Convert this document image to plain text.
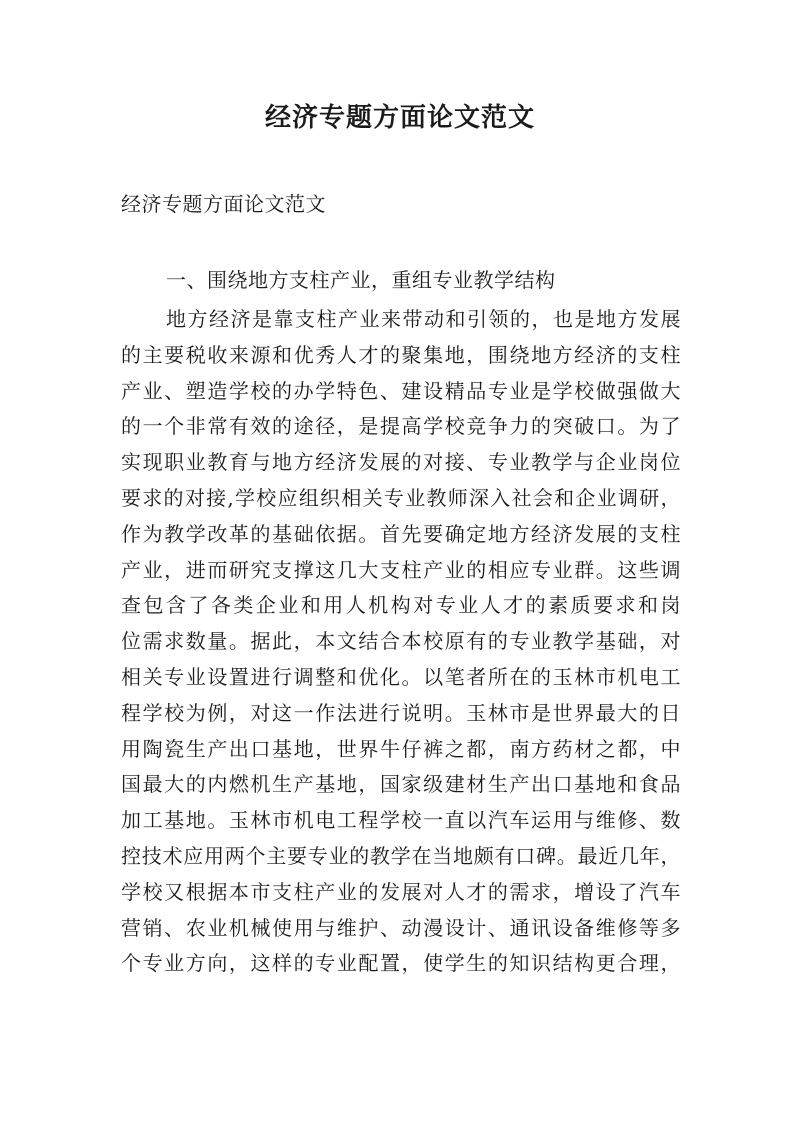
经济专题方面论文范文

经济专题方面论文范文

一、围绕地方支柱产业，重组专业教学结构

地方经济是靠支柱产业来带动和引领的，也是地方发展
的主要税收来源和优秀人才的聚集地，围绕地方经济的支柱
产业、塑造学校的办学特色、建设精品专业是学校做强做大
的一个非常有效的途径，是提高学校竞争力的突破口。为了
实现职业教育与地方经济发展的对接、专业教学与企业岗位
要求的对接,学校应组织相关专业教师深入社会和企业调研，
作为教学改革的基础依据。首先要确定地方经济发展的支柱
产业，进而研究支撑这几大支柱产业的相应专业群。这些调
查包含了各类企业和用人机构对专业人才的素质要求和岗
位需求数量。据此，本文结合本校原有的专业教学基础，对
相关专业设置进行调整和优化。以笔者所在的玉林市机电工
程学校为例，对这一作法进行说明。玉林市是世界最大的日
用陶瓷生产出口基地，世界牛仔裤之都，南方药材之都，中
国最大的内燃机生产基地，国家级建材生产出口基地和食品
加工基地。玉林市机电工程学校一直以汽车运用与维修、数
控技术应用两个主要专业的教学在当地颇有口碑。最近几年，
学校又根据本市支柱产业的发展对人才的需求，增设了汽车
营销、农业机械使用与维护、动漫设计、通讯设备维修等多
个专业方向，这样的专业配置，使学生的知识结构更合理，
